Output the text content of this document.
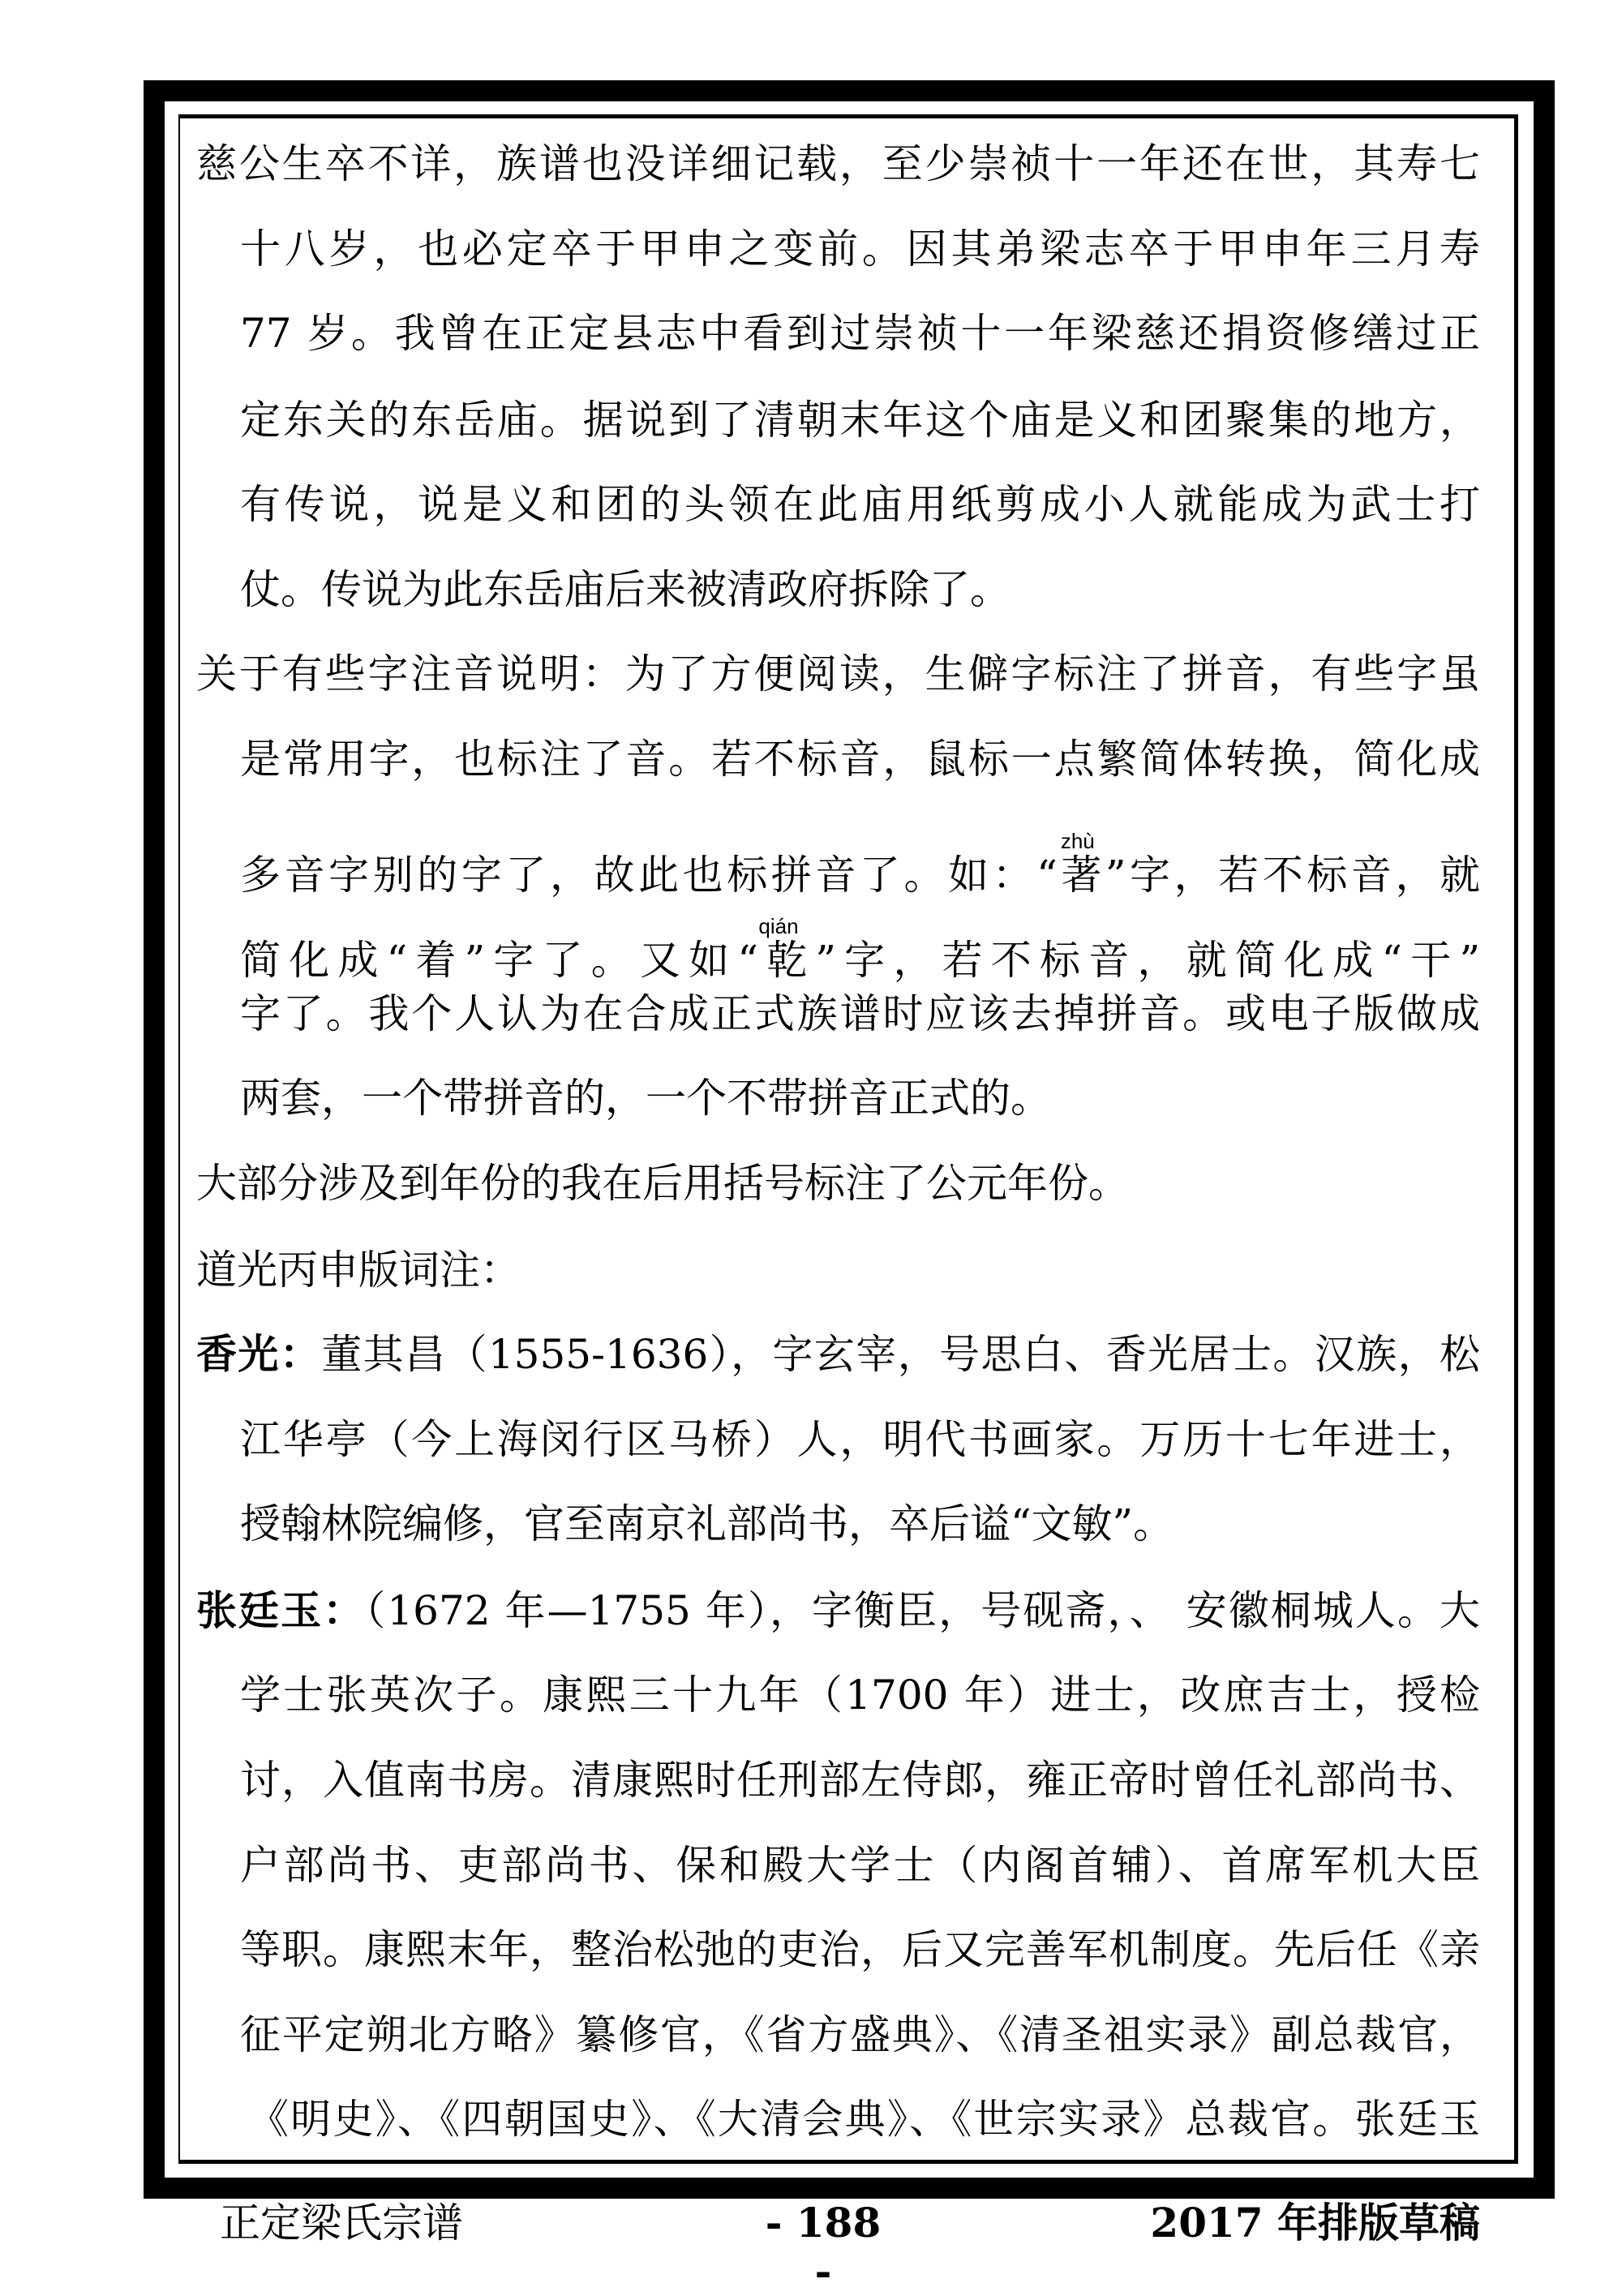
慈公生卒不详，族谱也没详细记载，至少崇祯十一年还在世，其寿七
十八岁，也必定卒于甲申之变前。因其弟梁志卒于甲申年三月寿
77 岁。我曾在正定县志中看到过崇祯十一年梁慈还捐资修缮过正
定东关的东岳庙。据说到了清朝末年这个庙是义和团聚集的地方，
有传说，说是义和团的头领在此庙用纸剪成小人就能成为武士打
仗。传说为此东岳庙后来被清政府拆除了。
关于有些字注音说明：为了方便阅读，生僻字标注了拼音，有些字虽
是常用字，也标注了音。若不标音，鼠标一点繁简体转换，简化成
多音字别的字了，故此也标拼音了。如：“著zhù”字，若不标音，就
简化成“着”字了。又如“乾qián”字，若不标音，就简化成“干”
字了。我个人认为在合成正式族谱时应该去掉拼音。或电子版做成
两套，一个带拼音的，一个不带拼音正式的。
大部分涉及到年份的我在后用括号标注了公元年份。
道光丙申版词注：
香光：董其昌（1555-1636），字玄宰，号思白、香光居士。汉族，松
江华亭（今上海闵行区马桥）人，明代书画家。万历十七年进士，
授翰林院编修，官至南京礼部尚书，卒后谥“文敏”。
张廷玉：（1672 年—1755 年），字衡臣，号砚斋，、 安徽桐城人。大
学士张英次子。康熙三十九年（1700 年）进士，改庶吉士，授检
讨，入值南书房。清康熙时任刑部左侍郎，雍正帝时曾任礼部尚书、
户部尚书、吏部尚书、保和殿大学士（内阁首辅）、首席军机大臣
等职。康熙末年，整治松弛的吏治，后又完善军机制度。先后任《亲
征平定朔北方略》纂修官，《省方盛典》、《清圣祖实录》副总裁官，
《明史》、《四朝国史》、《大清会典》、《世宗实录》总裁官。张廷玉
正定梁氏宗谱	- 188 -
2017 年排版草稿
